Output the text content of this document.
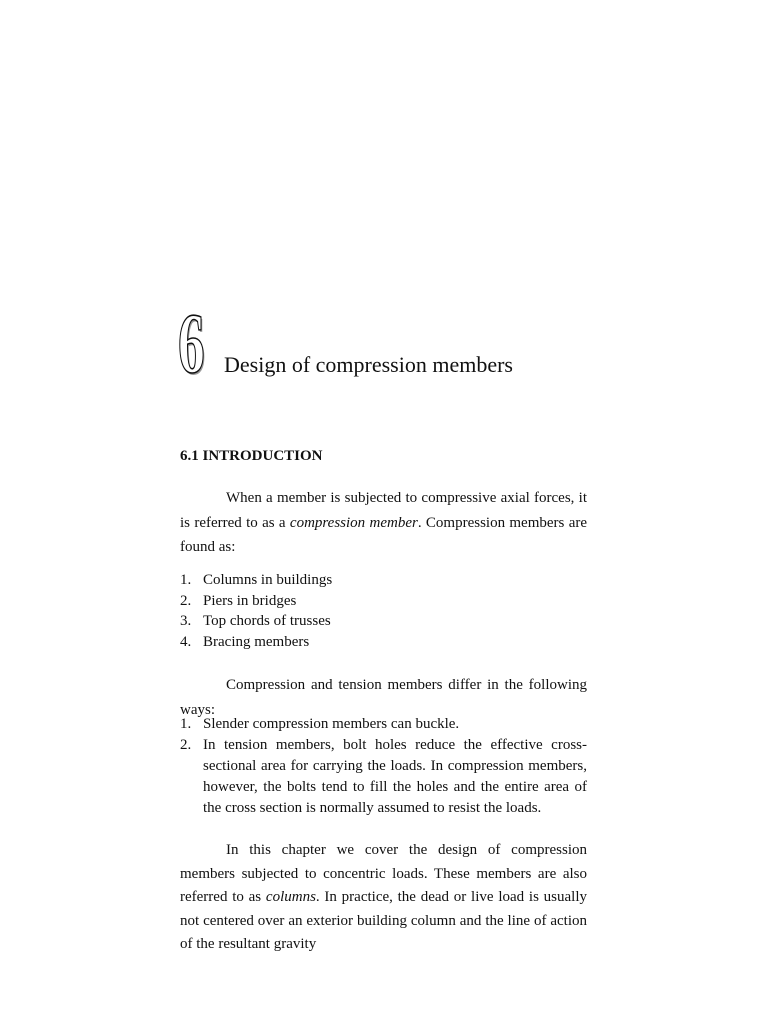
6 Design of compression members
6.1 INTRODUCTION

When a member is subjected to compressive axial forces, it is referred to as a compression member. Compression members are found as:

1. Columns in buildings
2. Piers in bridges
3. Top chords of trusses
4. Bracing members

Compression and tension members differ in the following ways:

1. Slender compression members can buckle.
2. In tension members, bolt holes reduce the effective cross-sectional area for carrying the loads. In compression members, however, the bolts tend to fill the holes and the entire area of the cross section is normally assumed to resist the loads.

In this chapter we cover the design of compression members subjected to concentric loads. These members are also referred to as columns. In practice, the dead or live load is usually not centered over an exterior building column and the line of action of the resultant gravity
